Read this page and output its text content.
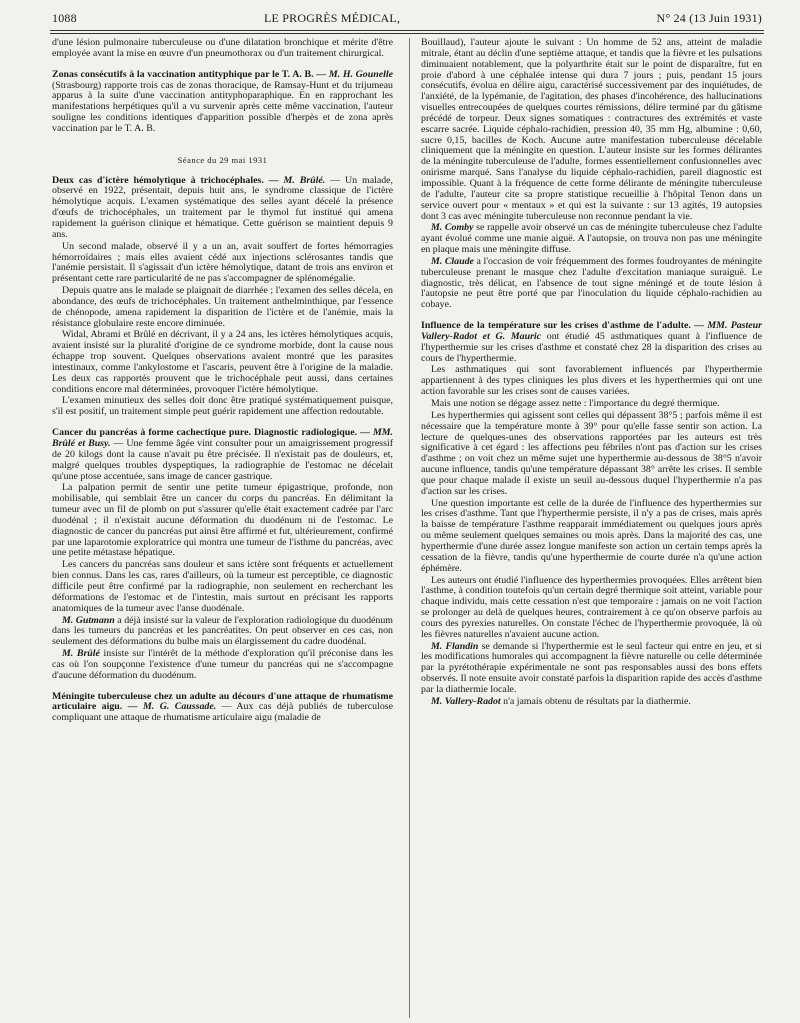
1088	LE PROGRÈS MÉDICAL,	N° 24 (13 Juin 1931)

d'une lésion pulmonaire tuberculeuse ou d'une dilatation bronchique et mérite d'être employée avant la mise en œuvre d'un pneumothorax ou d'un traitement chirurgical.

Zonas consécutifs à la vaccination antityphique par le T. A. B. — M. H. Gounelle (Strasbourg) rapporte trois cas de zonas thoracique, de Ramsay-Hunt et du trijumeau apparus à la suite d'une vaccination antityphoparaphique. En en rapprochant les manifestations herpétiques qu'il a vu survenir après cette même vaccination, l'auteur souligne les conditions identiques d'apparition possible d'herpès et de zona après vaccination par le T. A. B.

Séance du 29 mai 1931

Deux cas d'ictère hémolytique à trichocéphales. — M. Brûlé. — Un malade, observé en 1922, présentait, depuis huit ans, le syndrome classique de l'ictère hémolytique acquis. L'examen systématique des selles ayant décelé la présence d'œufs de trichocéphales, un traitement par le thymol fut institué qui amena rapidement la guérison clinique et hématique. Cette guérison se maintient depuis 9 ans.

Un second malade, observé il y a un an, avait souffert de fortes hémorragies hémorroïdaires ; mais elles avaient cédé aux injections sclérosantes tandis que l'anémie persistait. Il s'agissait d'un ictère hémolytique, datant de trois ans environ et présentant cette rare particularité de ne pas s'accompagner de splénomégalie.

Depuis quatre ans le malade se plaignait de diarrhée ; l'examen des selles décela, en abondance, des œufs de trichocéphales. Un traitement anthelminthique, par l'essence de chénopode, amena rapidement la disparition de l'ictère et de l'anémie, mais la résistance globulaire reste encore diminuée.

Widal, Abrami et Brûlé en décrivant, il y a 24 ans, les ictères hémolytiques acquis, avaient insisté sur la pluralité d'origine de ce syndrome morbide, dont la cause nous échappe trop souvent. Quelques observations avaient montré que les parasites intestinaux, comme l'ankylostome et l'ascaris, peuvent être à l'origine de la maladie. Les deux cas rapportés prouvent que le trichocéphale peut aussi, dans certaines conditions encore mal déterminées, provoquer l'ictère hémolytique.

L'examen minutieux des selles doit donc être pratiqué systématiquement puisque, s'il est positif, un traitement simple peut guérir rapidement une affection redoutable.

Cancer du pancréas à forme cachectique pure. Diagnostic radiologique. — MM. Brûlé et Busy. — Une femme âgée vint consulter pour un amaigrissement progressif de 20 kilogs dont la cause n'avait pu être précisée. Il n'existait pas de douleurs, et, malgré quelques troubles dyspeptiques, la radiographie de l'estomac ne décelait qu'une ptose accentuée, sans image de cancer gastrique.

La palpation permit de sentir une petite tumeur épigastrique, profonde, non mobilisable, qui semblait être un cancer du corps du pancréas. En délimitant la tumeur avec un fil de plomb on put s'assurer qu'elle était exactement cadrée par l'arc duodénal ; il n'existait aucune déformation du duodénum ni de l'estomac. Le diagnostic de cancer du pancréas put ainsi être affirmé et fut, ultérieurement, confirmé par une laparotomie exploratrice qui montra une tumeur de l'isthme du pancréas, avec une petite métastase hépatique.

Les cancers du pancréas sans douleur et sans ictère sont fréquents et actuellement bien connus. Dans les cas, rares d'ailleurs, où la tumeur est perceptible, ce diagnostic difficile peut être confirmé par la radiographie, non seulement en recherchant les déformations de l'estomac et de l'intestin, mais surtout en précisant les rapports anatomiques de la tumeur avec l'anse duodénale.

M. Gutmann a déjà insisté sur la valeur de l'exploration radiologique du duodénum dans les tumeurs du pancréas et les pancréatites. On peut observer en ces cas, non seulement des déformations du bulbe mais un élargissement du cadre duodénal.

M. Brûlé insiste sur l'intérêt de la méthode d'exploration qu'il préconise dans les cas où l'on soupçonne l'existence d'une tumeur du pancréas qui ne s'accompagne d'aucune déformation du duodénum.

Méningite tuberculeuse chez un adulte au décours d'une attaque de rhumatisme articulaire aigu. — M. G. Caussade. — Aux cas déjà publiés de tuberculose compliquant une attaque de rhumatisme articulaire aigu (maladie de

Bouillaud), l'auteur ajoute le suivant : Un homme de 52 ans, atteint de maladie mitrale, étant au déclin d'une septième attaque, et tandis que la fièvre et les pulsations diminuaient notablement, que la polyarthrite était sur le point de disparaître, fut en proie d'abord à une céphalée intense qui dura 7 jours ; puis, pendant 15 jours consécutifs, évolua en délire aigu, caractérisé successivement par des inquiétudes, de l'anxiété, de la lypémanie, de l'agitation, des phases d'incohérence, des hallucinations visuelles entrecoupées de quelques courtes rémissions, délire terminé par du gâtisme précédé de torpeur. Deux signes somatiques : contractures des extrémités et vaste escarre sacrée. Liquide céphalo-rachidien, pression 40, 35 mm Hg, albumine : 0,60, sucre 0,15, bacilles de Koch. Aucune autre manifestation tuberculeuse décelable cliniquement que la méningite en question. L'auteur insiste sur les formes délirantes de la méningite tuberculeuse de l'adulte, formes essentiellement confusionnelles avec onirisme marqué. Sans l'analyse du liquide céphalo-rachidien, pareil diagnostic est impossible. Quant à la fréquence de cette forme délirante de méningite tuberculeuse de l'adulte, l'auteur cite sa propre statistique recueillie à l'hôpital Tenon dans un service ouvert pour « mentaux » et qui est la suivante : sur 13 agités, 19 autopsies dont 3 cas avec méningite tuberculeuse non reconnue pendant la vie.

M. Comby se rappelle avoir observé un cas de méningite tuberculeuse chez l'adulte ayant évolué comme une manie aiguë. A l'autopsie, on trouva non pas une méningite en plaque mais une méningite diffuse.

M. Claude a l'occasion de voir fréquemment des formes foudroyantes de méningite tuberculeuse prenant le masque chez l'adulte d'excitation maniaque suraiguë. Le diagnostic, très délicat, en l'absence de tout signe méningé et de toute lésion à l'autopsie ne peut être porté que par l'inoculation du liquide céphalo-rachidien au cobaye.

Influence de la température sur les crises d'asthme de l'adulte. — MM. Pasteur Vallery-Radot et G. Mauric ont étudié 45 asthmatiques quant à l'influence de l'hyperthermie sur les crises d'asthme et constaté chez 28 la disparition des crises au cours de l'hyperthermie.

Les asthmatiques qui sont favorablement influencés par l'hyperthermie appartiennent à des types cliniques les plus divers et les hyperthermies qui ont une action favorable sur les crises sont de causes variées.

Mais une notion se dégage assez nette : l'importance du degré thermique.

Les hyperthermies qui agissent sont celles qui dépassent 38°5 ; parfois même il est nécessaire que la température monte à 39° pour qu'elle fasse sentir son action. La lecture de quelques-unes des observations rapportées par les auteurs est très significative à cet égard : les affections peu fébriles n'ont pas d'action sur les crises d'asthme ; on voit chez un même sujet une hyperthermie au-dessous de 38°5 n'avoir aucune influence, tandis qu'une température dépassant 38° arrête les crises. Il semble que pour chaque malade il existe un seuil au-dessous duquel l'hyperthermie n'a pas d'action sur les crises.

Une question importante est celle de la durée de l'influence des hyperthermies sur les crises d'asthme. Tant que l'hyperthermie persiste, il n'y a pas de crises, mais après la baisse de température l'asthme reapparait immédiatement ou quelques jours après ou même seulement quelques semaines ou mois après. Dans la majorité des cas, une hyperthermie d'une durée assez longue manifeste son action un certain temps après la cessation de la fièvre, tandis qu'une hyperthermie de courte durée n'a qu'une action éphémère.

Les auteurs ont étudié l'influence des hyperthermies provoquées. Elles arrêtent bien l'asthme, à condition toutefois qu'un certain degré thermique soit atteint, variable pour chaque individu, mais cette cessation n'est que temporaire : jamais on ne voit l'action se prolonger au delà de quelques heures, contrairement à ce qu'on observe parfois au cours des pyrexies naturelles. On constate l'échec de l'hyperthermie provoquée, là où les fièvres naturelles n'avaient aucune action.

M. Flandin se demande si l'hyperthermie est le seul facteur qui entre en jeu, et si les modifications humorales qui accompagnent la fièvre naturelle ou celle déterminée par la pyrétothérapie expérimentale ne sont pas responsables aussi des bons effets observés. Il note ensuite avoir constaté parfois la disparition rapide des accès d'asthme par la diathermie locale.

M. Vallery-Radot n'a jamais obtenu de résultats par la diathermie.
